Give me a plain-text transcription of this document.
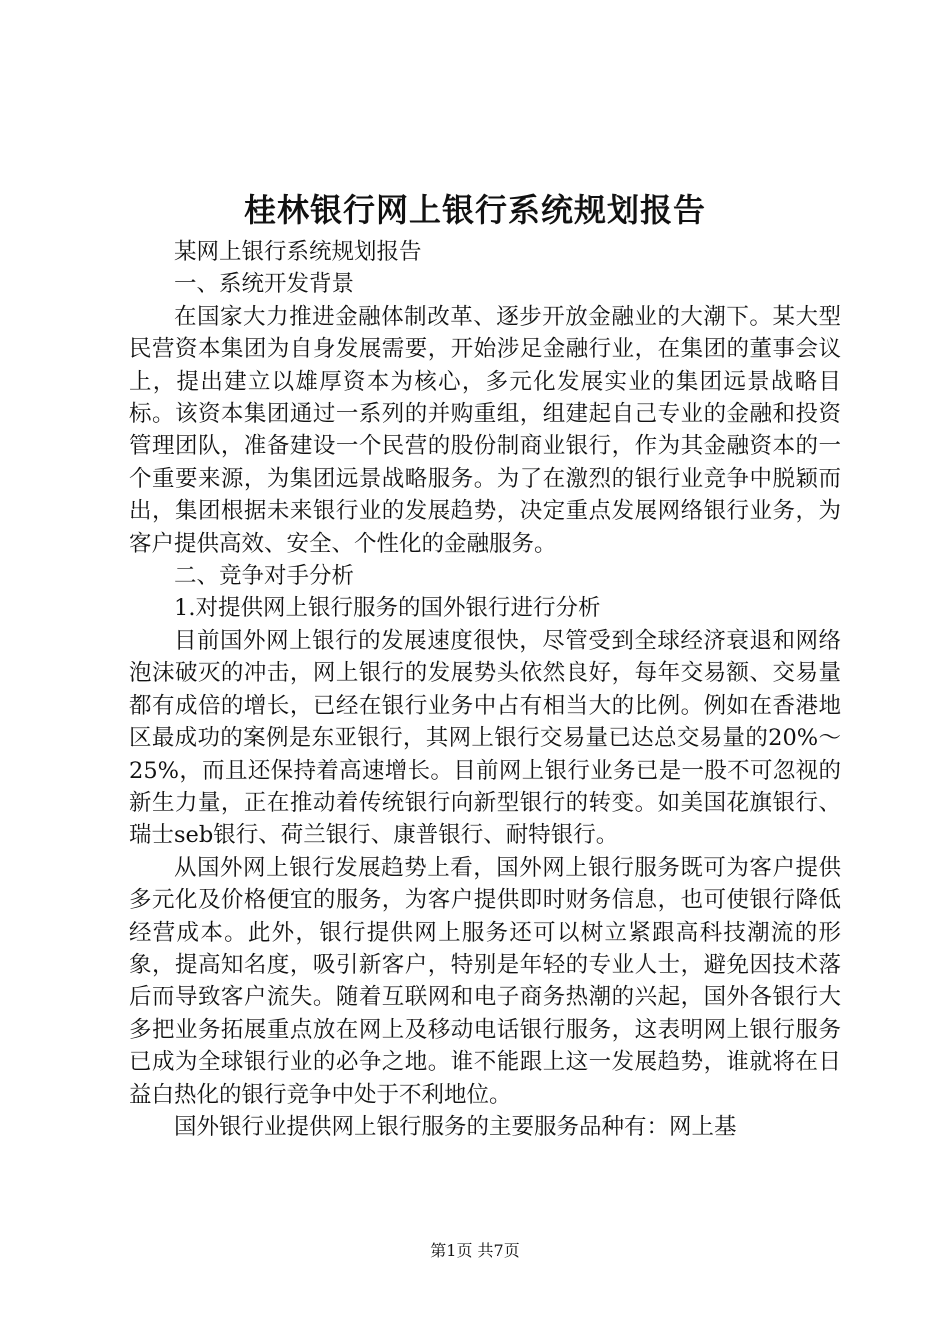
桂林银行网上银行系统规划报告

某网上银行系统规划报告

一、系统开发背景

在国家大力推进金融体制改革、逐步开放金融业的大潮下。某大型民营资本集团为自身发展需要，开始涉足金融行业，在集团的董事会议上，提出建立以雄厚资本为核心，多元化发展实业的集团远景战略目标。该资本集团通过一系列的并购重组，组建起自己专业的金融和投资管理团队，准备建设一个民营的股份制商业银行，作为其金融资本的一个重要来源，为集团远景战略服务。为了在激烈的银行业竞争中脱颖而出，集团根据未来银行业的发展趋势，决定重点发展网络银行业务，为客户提供高效、安全、个性化的金融服务。

二、竞争对手分析

1.对提供网上银行服务的国外银行进行分析

目前国外网上银行的发展速度很快，尽管受到全球经济衰退和网络泡沫破灭的冲击，网上银行的发展势头依然良好，每年交易额、交易量都有成倍的增长，已经在银行业务中占有相当大的比例。例如在香港地区最成功的案例是东亚银行，其网上银行交易量已达总交易量的20%～25%，而且还保持着高速增长。目前网上银行业务已是一股不可忽视的新生力量，正在推动着传统银行向新型银行的转变。如美国花旗银行、瑞士seb银行、荷兰银行、康普银行、耐特银行。

从国外网上银行发展趋势上看，国外网上银行服务既可为客户提供多元化及价格便宜的服务，为客户提供即时财务信息，也可使银行降低经营成本。此外，银行提供网上服务还可以树立紧跟高科技潮流的形象，提高知名度，吸引新客户，特别是年轻的专业人士，避免因技术落后而导致客户流失。随着互联网和电子商务热潮的兴起，国外各银行大多把业务拓展重点放在网上及移动电话银行服务，这表明网上银行服务已成为全球银行业的必争之地。谁不能跟上这一发展趋势，谁就将在日益白热化的银行竞争中处于不利地位。

国外银行业提供网上银行服务的主要服务品种有：网上基

第1页 共7页
